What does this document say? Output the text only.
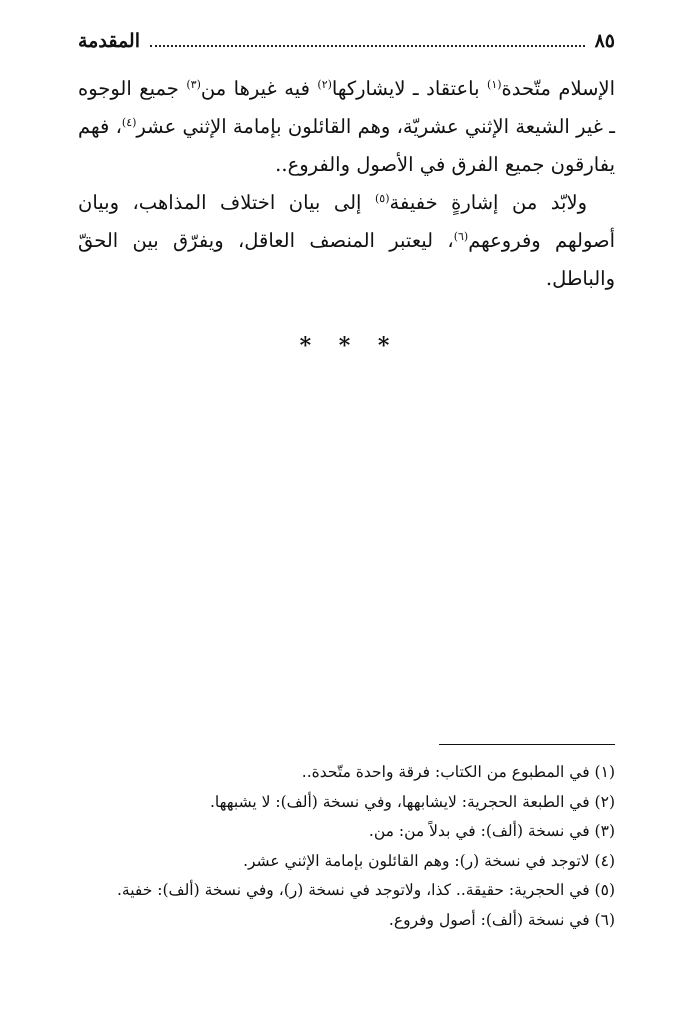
المقدمة	٨٥

الإسلام متّحدة$^{(١)}$ باعتقاد ـ لايشاركها$^{(٢)}$ فيه غيرها من$^{(٣)}$ جميع الوجوه ـ غير الشيعة الإثني عشريّة، وهم القائلون بإمامة الإثني عشر$^{(٤)}$، فهم يفارقون جميع الفرق في الأصول والفروع..

ولابّد من إشارةٍ خفيفة$^{(٥)}$ إلى بيان اختلاف المذاهب، وبيان أصولهم وفروعهم$^{(٦)}$، ليعتبر المنصف العاقل، ويفرّق بين الحقّ والباطل.

* * *
(١) في المطبوع من الكتاب: فرقة واحدة متّحدة..
(٢) في الطبعة الحجرية: لايشابهها، وفي نسخة (ألف): لا يشبهها.
(٣) في نسخة (ألف): في بدلاً من: من.
(٤) لاتوجد في نسخة (ر): وهم القائلون بإمامة الإثني عشر.
(٥) في الحجرية: حقيقة.. كذا، ولاتوجد في نسخة (ر)، وفي نسخة (ألف): خفية.
(٦) في نسخة (ألف): أصول وفروع.
